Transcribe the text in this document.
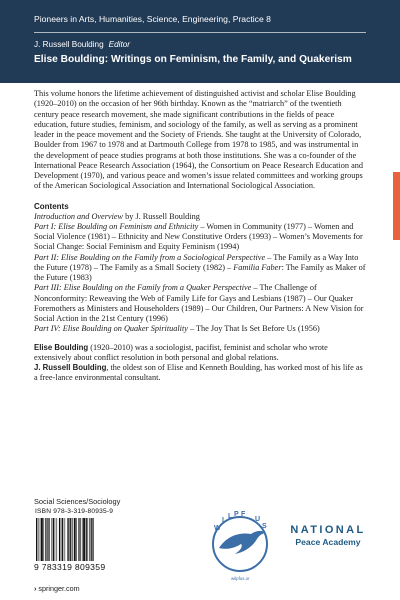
Pioneers in Arts, Humanities, Science, Engineering, Practice 8
J. Russell Boulding Editor
Elise Boulding: Writings on Feminism, the Family, and Quakerism

This volume honors the lifetime achievement of distinguished activist and scholar Elise Boulding (1920–2010) on the occasion of her 96th birthday. Known as the “matriarch” of the twentieth century peace research movement, she made significant contributions in the fields of peace education, future studies, feminism, and sociology of the family, as well as serving as a prominent leader in the peace movement and the Society of Friends. She taught at the University of Colorado, Boulder from 1967 to 1978 and at Dartmouth College from 1978 to 1985, and was instrumental in the development of peace studies programs at both those institutions. She was a co-founder of the International Peace Research Association (1964), the Consortium on Peace Research Education and Development (1970), and various peace and women’s issue related committees and working groups of the American Sociological Association and International Sociological Association.

Contents

Introduction and Overview by J. Russell Boulding

Part I: Elise Boulding on Feminism and Ethnicity – Women in Community (1977) – Women and Social Violence (1981) – Ethnicity and New Constitutive Orders (1993) – Women’s Movements for Social Change: Social Feminism and Equity Feminism (1994)

Part II: Elise Boulding on the Family from a Sociological Perspective – The Family as a Way Into the Future (1978) – The Family as a Small Society (1982) – Familia Faber: The Family as Maker of the Future (1983)

Part III: Elise Boulding on the Family from a Quaker Perspective – The Challenge of Nonconformity: Reweaving the Web of Family Life for Gays and Lesbians (1987) – Our Quaker Foremothers as Ministers and Householders (1989) – Our Children, Our Partners: A New Vision for Social Action in the 21st Century (1996)

Part IV: Elise Boulding on Quaker Spirituality – The Joy That Is Set Before Us (1956)

Elise Boulding (1920–2010) was a sociologist, pacifist, feminist and scholar who wrote extensively about conflict resolution in both personal and global relations.

J. Russell Boulding, the oldest son of Elise and Kenneth Boulding, has worked most of his life as a free-lance environmental consultant.

Social Sciences/Sociology
ISBN 978-3-319-80935-9
9 783319 809359
› springer.com
W
I
L P F
U
S
wilpfus.or
NATIONAL
Peace Academy
